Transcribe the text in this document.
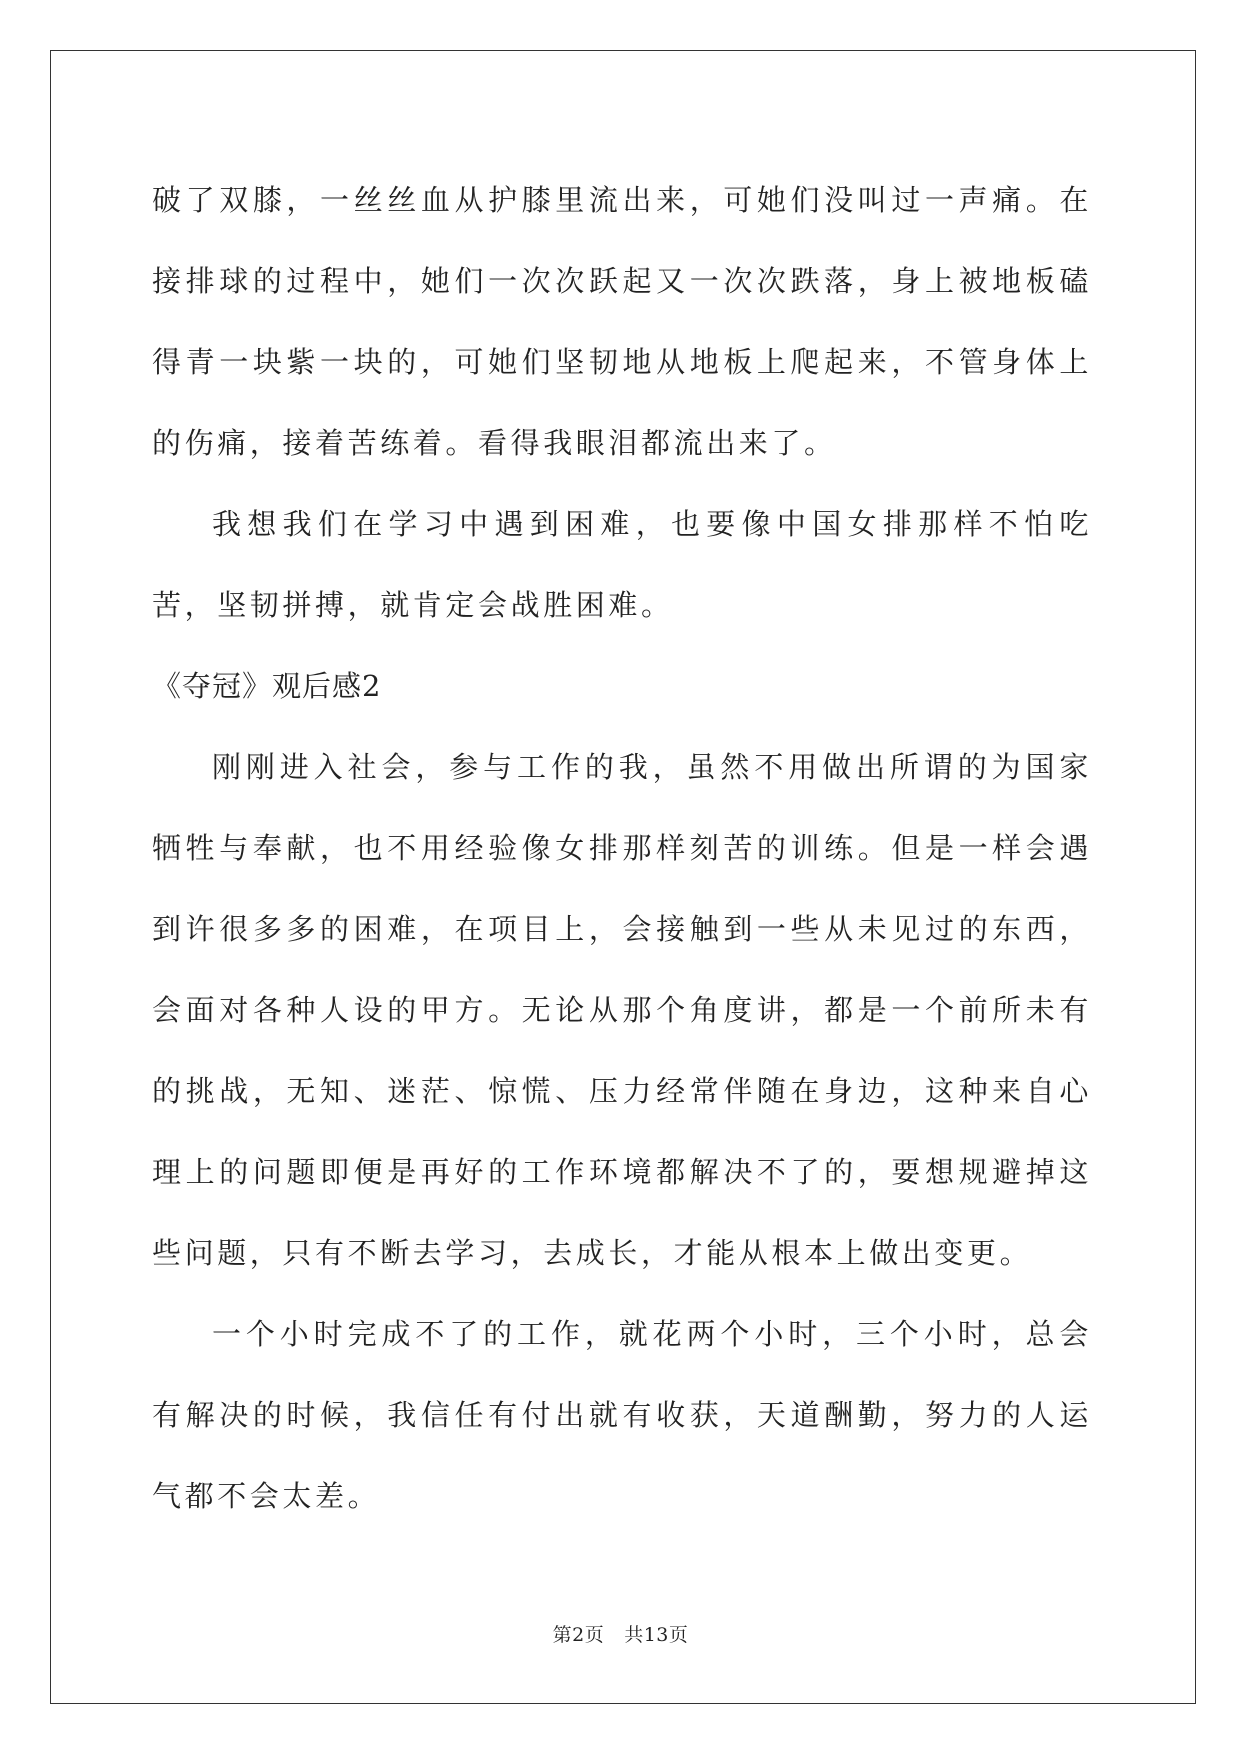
破了双膝，一丝丝血从护膝里流出来，可她们没叫过一声痛。在接排球的过程中，她们一次次跃起又一次次跌落，身上被地板磕得青一块紫一块的，可她们坚韧地从地板上爬起来，不管身体上的伤痛，接着苦练着。看得我眼泪都流出来了。

我想我们在学习中遇到困难，也要像中国女排那样不怕吃苦，坚韧拼搏，就肯定会战胜困难。

《夺冠》观后感2

刚刚进入社会，参与工作的我，虽然不用做出所谓的为国家牺牲与奉献，也不用经验像女排那样刻苦的训练。但是一样会遇到许很多多的困难，在项目上，会接触到一些从未见过的东西，会面对各种人设的甲方。无论从那个角度讲，都是一个前所未有的挑战，无知、迷茫、惊慌、压力经常伴随在身边，这种来自心理上的问题即便是再好的工作环境都解决不了的，要想规避掉这些问题，只有不断去学习，去成长，才能从根本上做出变更。

一个小时完成不了的工作，就花两个小时，三个小时，总会有解决的时候，我信任有付出就有收获，天道酬勤，努力的人运气都不会太差。

第2页 共13页
